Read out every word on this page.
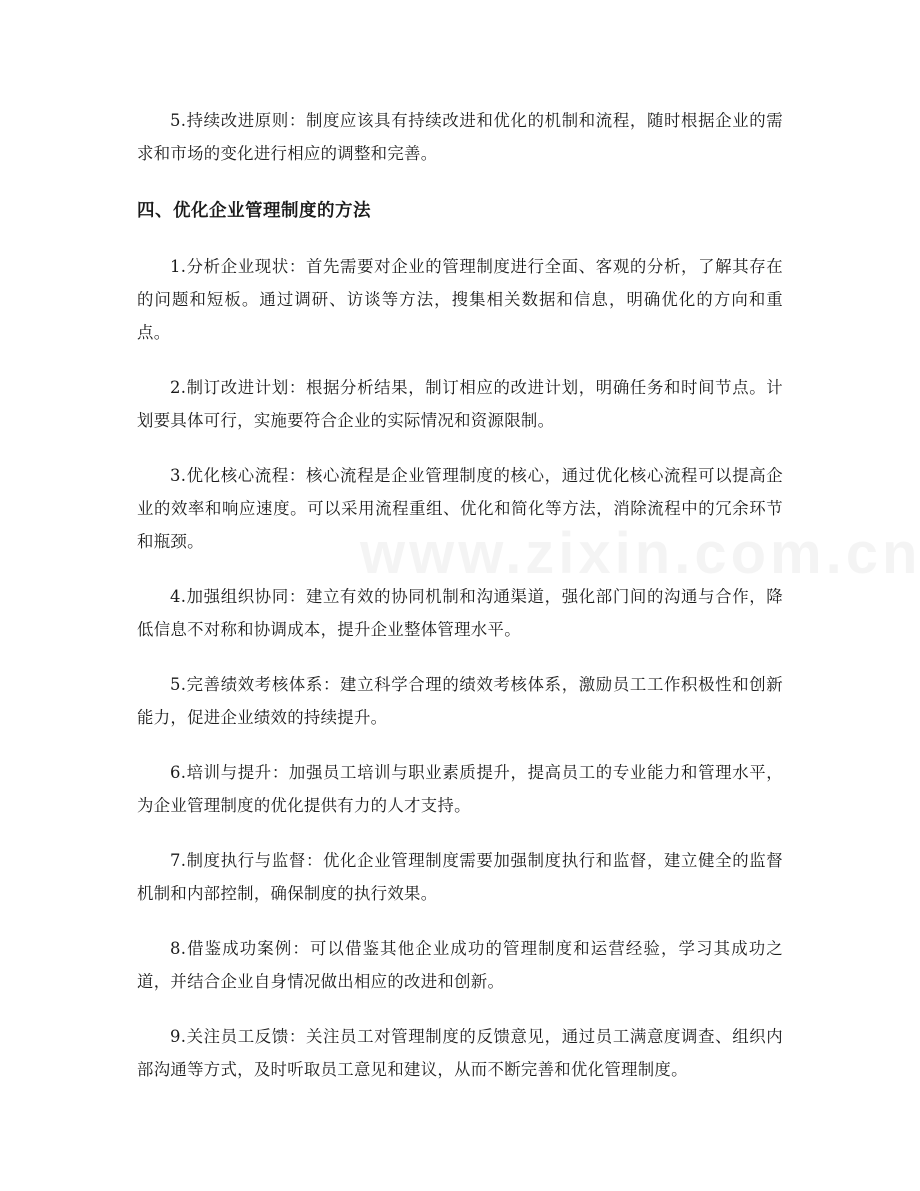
5.持续改进原则：制度应该具有持续改进和优化的机制和流程，随时根据企业的需求和市场的变化进行相应的调整和完善。

四、优化企业管理制度的方法

1.分析企业现状：首先需要对企业的管理制度进行全面、客观的分析，了解其存在的问题和短板。通过调研、访谈等方法，搜集相关数据和信息，明确优化的方向和重点。

2.制订改进计划：根据分析结果，制订相应的改进计划，明确任务和时间节点。计划要具体可行，实施要符合企业的实际情况和资源限制。

3.优化核心流程：核心流程是企业管理制度的核心，通过优化核心流程可以提高企业的效率和响应速度。可以采用流程重组、优化和简化等方法，消除流程中的冗余环节和瓶颈。

4.加强组织协同：建立有效的协同机制和沟通渠道，强化部门间的沟通与合作，降低信息不对称和协调成本，提升企业整体管理水平。

5.完善绩效考核体系：建立科学合理的绩效考核体系，激励员工工作积极性和创新能力，促进企业绩效的持续提升。

6.培训与提升：加强员工培训与职业素质提升，提高员工的专业能力和管理水平，为企业管理制度的优化提供有力的人才支持。

7.制度执行与监督：优化企业管理制度需要加强制度执行和监督，建立健全的监督机制和内部控制，确保制度的执行效果。

8.借鉴成功案例：可以借鉴其他企业成功的管理制度和运营经验，学习其成功之道，并结合企业自身情况做出相应的改进和创新。

9.关注员工反馈：关注员工对管理制度的反馈意见，通过员工满意度调查、组织内部沟通等方式，及时听取员工意见和建议，从而不断完善和优化管理制度。
